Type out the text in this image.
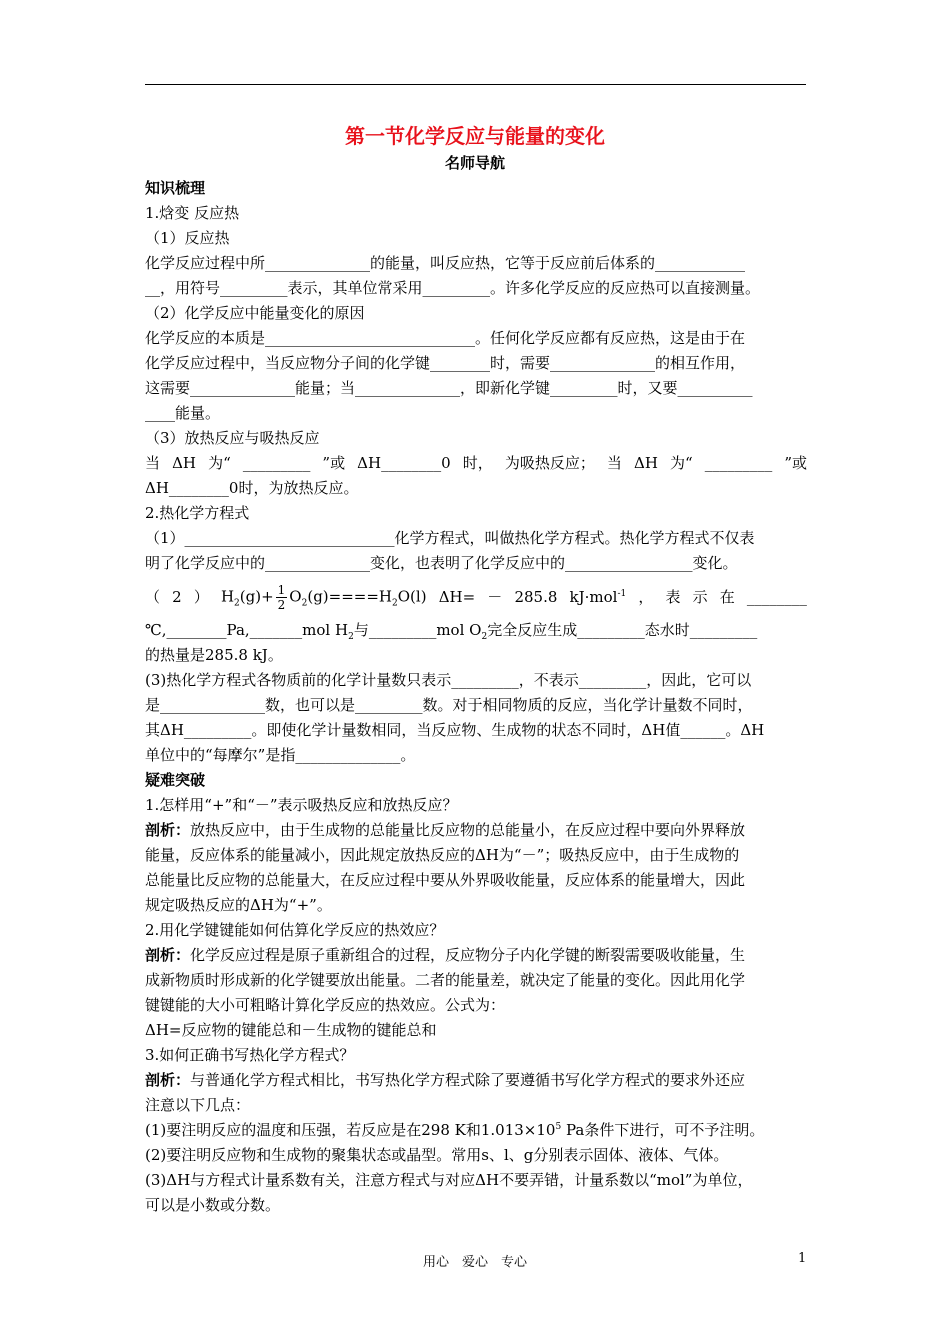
第一节化学反应与能量的变化
名师导航
知识梳理
1.焓变 反应热
（1）反应热
化学反应过程中所______________的能量，叫反应热，它等于反应前后体系的____________
__，用符号_________表示，其单位常采用_________。许多化学反应的反应热可以直接测量。
（2）化学反应中能量变化的原因
化学反应的本质是____________________________。任何化学反应都有反应热，这是由于在
化学反应过程中，当反应物分子间的化学键________时，需要______________的相互作用，
这需要______________能量；当______________，即新化学键_________时，又要__________
____能量。
（3）放热反应与吸热反应
当 ΔH 为“ _________ ”或 ΔH________0 时， 为吸热反应； 当 ΔH 为“ _________ ”或
ΔH________0时，为放热反应。
2.热化学方程式
（1）____________________________化学方程式，叫做热化学方程式。热化学方程式不仅表
明了化学反应中的______________变化，也表明了化学反应中的_________________变化。
（ 2 ） $H_2(g)+ \frac{1}{2} O_2(g)====H_2O(l) \Delta H= - 285.8$ kJ·mol$^{-1}$ ， 表 示 在 ________
℃,________Pa,_______mol $H_2$与_________mol $O_2$完全反应生成_________态水时_________
的热量是285.8 kJ。
(3)热化学方程式各物质前的化学计量数只表示_________，不表示_________，因此，它可以
是______________数，也可以是_________数。对于相同物质的反应，当化学计量数不同时，
其ΔH_________。即使化学计量数相同，当反应物、生成物的状态不同时，ΔH值______。ΔH
单位中的“每摩尔”是指______________。
疑难突破
1.怎样用“+”和“－”表示吸热反应和放热反应？
剖析：放热反应中，由于生成物的总能量比反应物的总能量小，在反应过程中要向外界释放
能量，反应体系的能量减小，因此规定放热反应的ΔH为“－”；吸热反应中，由于生成物的
总能量比反应物的总能量大，在反应过程中要从外界吸收能量，反应体系的能量增大，因此
规定吸热反应的ΔH为“+”。
2.用化学键键能如何估算化学反应的热效应？
剖析：化学反应过程是原子重新组合的过程，反应物分子内化学键的断裂需要吸收能量，生
成新物质时形成新的化学键要放出能量。二者的能量差，就决定了能量的变化。因此用化学
键键能的大小可粗略计算化学反应的热效应。公式为：
ΔH=反应物的键能总和－生成物的键能总和
3.如何正确书写热化学方程式？
剖析：与普通化学方程式相比，书写热化学方程式除了要遵循书写化学方程式的要求外还应
注意以下几点：
(1)要注明反应的温度和压强，若反应是在298 K和$1.013\times 10^5$ Pa条件下进行，可不予注明。
(2)要注明反应物和生成物的聚集状态或晶型。常用s、l、g分别表示固体、液体、气体。
(3)ΔH与方程式计量系数有关，注意方程式与对应ΔH不要弄错，计量系数以“mol”为单位，
可以是小数或分数。
用心　爱心　专心	1
